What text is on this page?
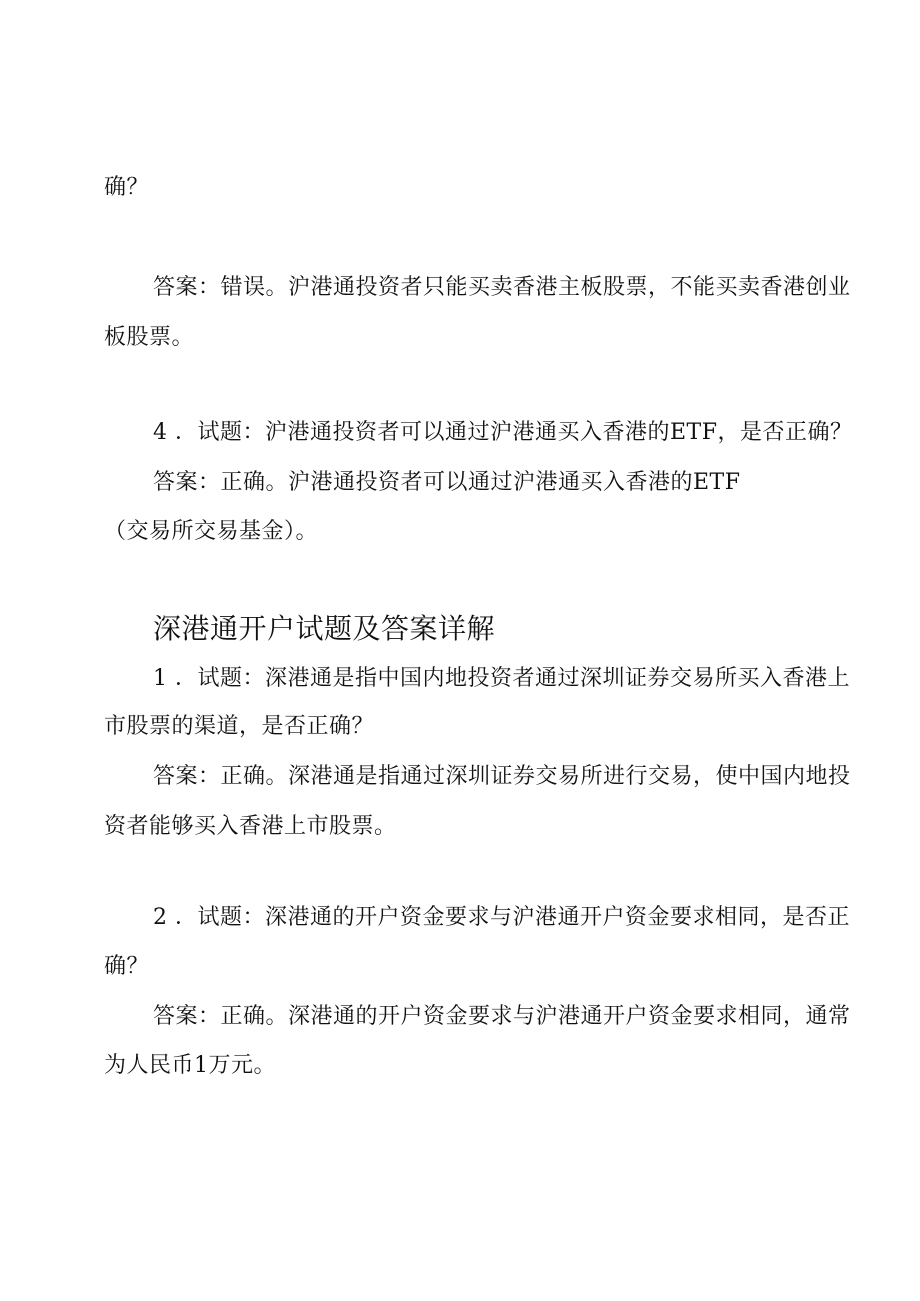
确？
答案：错误。沪港通投资者只能买卖香港主板股票，不能买卖香港创业
板股票。
4 ．试题：沪港通投资者可以通过沪港通买入香港的ETF，是否正确？
答案：正确。沪港通投资者可以通过沪港通买入香港的ETF
（交易所交易基金）。
深港通开户试题及答案详解
1 ．试题：深港通是指中国内地投资者通过深圳证券交易所买入香港上
市股票的渠道，是否正确？
答案：正确。深港通是指通过深圳证券交易所进行交易，使中国内地投
资者能够买入香港上市股票。
2 ．试题：深港通的开户资金要求与沪港通开户资金要求相同，是否正
确？
答案：正确。深港通的开户资金要求与沪港通开户资金要求相同，通常
为人民币1万元。
